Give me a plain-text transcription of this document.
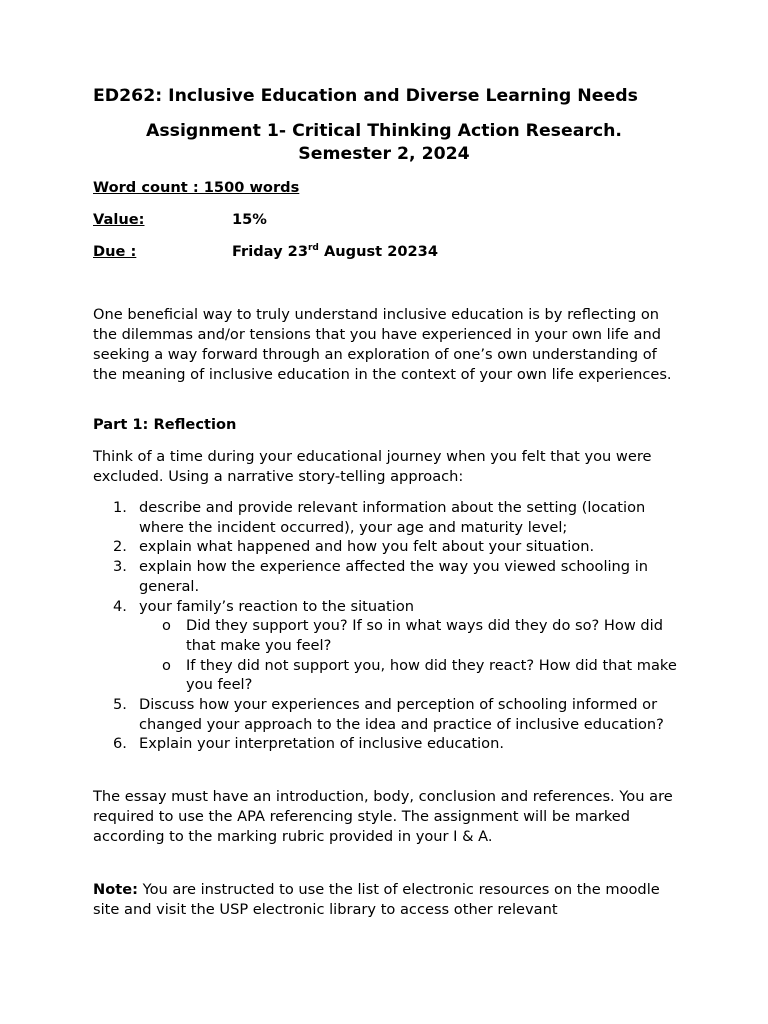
ED262: Inclusive Education and Diverse Learning Needs
Assignment 1- Critical Thinking Action Research.
Semester 2, 2024
Word count : 1500 words
Value:	15%
Due :	Friday 23rd August 20234
One beneficial way to truly understand inclusive education is by reflecting on the dilemmas and/or tensions that you have experienced in your own life and seeking a way forward through an exploration of one’s own understanding of the meaning of inclusive education in the context of your own life experiences.
Part 1: Reflection
Think of a time during your educational journey when you felt that you were excluded. Using a narrative story-telling approach:
1. describe and provide relevant information about the setting (location where the incident occurred), your age and maturity level;
2. explain what happened and how you felt about your situation.
3. explain how the experience affected the way you viewed schooling in general.
4. your family’s reaction to the situation
o Did they support you? If so in what ways did they do so? How did that make you feel?
o If they did not support you, how did they react? How did that make you feel?
5. Discuss how your experiences and perception of schooling informed or changed your approach to the idea and practice of inclusive education?
6. Explain your interpretation of inclusive education.
The essay must have an introduction, body, conclusion and references. You are required to use the APA referencing style. The assignment will be marked according to the marking rubric provided in your I & A.
Note: You are instructed to use the list of electronic resources on the moodle site and visit the USP electronic library to access other relevant
